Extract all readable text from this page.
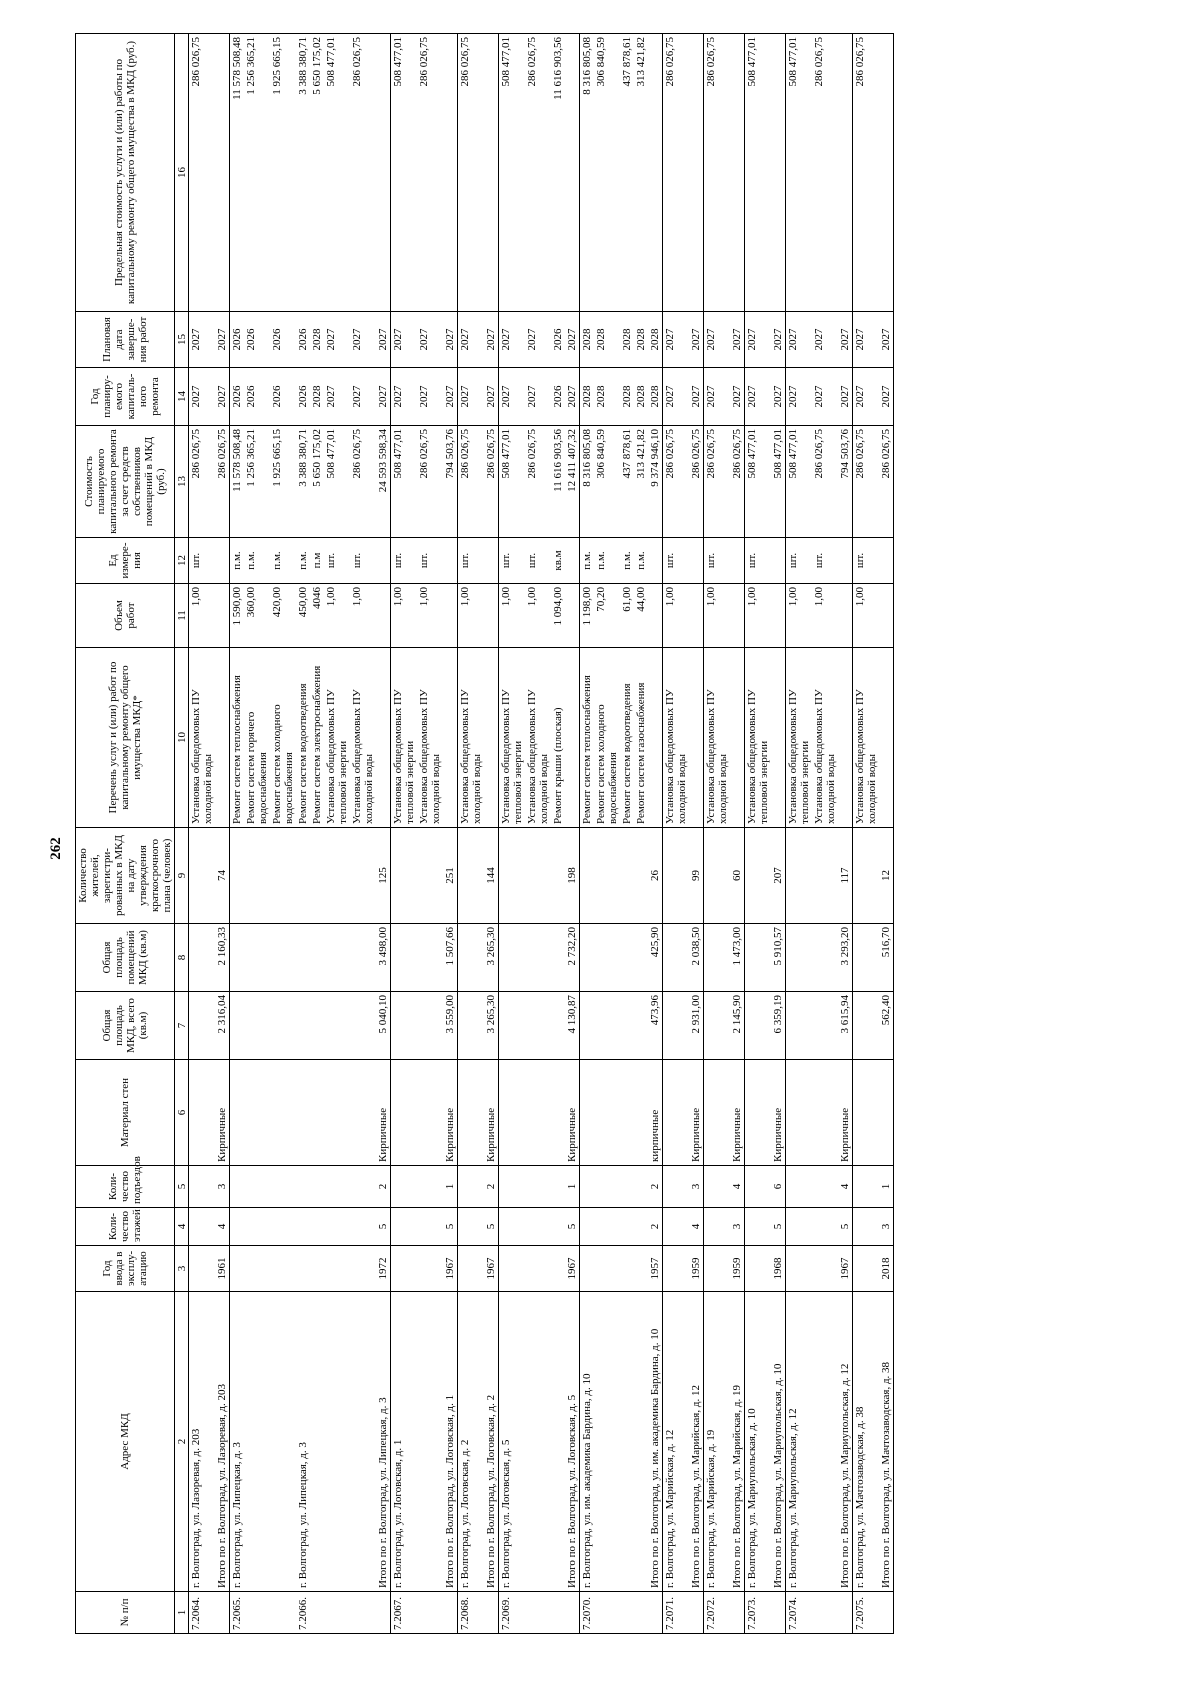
262
№ п/п	Адрес МКД	Год ввода в эксплу-атацию	Коли-чество этажей	Коли-чество подъездов	Материал стен	Общая площадь МКД, всего (кв.м)	Общая площадь помещений МКД (кв.м)	Количество жителей, зарегистри-рованных в МКД на дату утверждения краткосрочного плана (человек)	Перечень услуг и (или) работ по капитальному ремонту общего имущества МКД*	Объем работ	Ед измере-ния	Стоимость планируемого капитального ремонта за счет средств собственников помещений в МКД (руб.)	Год планиру-емого капиталь-ного ремонта	Плановая дата заверше-ния работ	Предельная стоимость услуги и (или) работы по капитальному ремонту общего имущества в МКД (руб.)
1	2	3	4	5	6	7	8	9	10	11	12	13	14	15	16
7.2064.	г. Волгоград, ул. Лазоревая, д. 203								Установка общедомовых ПУ холодной воды	1,00	шт.	286 026,75	2027	2027	286 026,75
	Итого по г. Волгоград, ул. Лазоревая, д. 203	1961	4	3	Кирпичные	2 316,04	2 160,33	74				286 026,75	2027	2027	
7.2065.	г. Волгоград, ул. Липецкая, д. 3								Ремонт систем теплоснабжения	1 590,00	п.м.	11 578 508,48	2026	2026	11 578 508,48
									Ремонт систем горячего водоснабжения	360,00	п.м.	1 256 365,21	2026	2026	1 256 365,21
									Ремонт систем холодного водоснабжения	420,00	п.м.	1 925 665,15	2026	2026	1 925 665,15
7.2066.	г. Волгоград, ул. Липецкая, д. 3								Ремонт систем водоотведения	450,00	п.м.	3 388 380,71	2026	2026	3 388 380,71
									Ремонт систем электроснабжения	4046	п.м	5 650 175,02	2028	2028	5 650 175,02
									Установка общедомовых ПУ тепловой энергии	1,00	шт.	508 477,01	2027	2027	508 477,01
									Установка общедомовых ПУ холодной воды	1,00	шт.	286 026,75	2027	2027	286 026,75
	Итого по г. Волгоград, ул. Липецкая, д. 3	1972	5	2	Кирпичные	5 040,10	3 498,00	125				24 593 598,34	2027	2027	
7.2067.	г. Волгоград, ул. Логовская, д. 1								Установка общедомовых ПУ тепловой энергии	1,00	шт.	508 477,01	2027	2027	508 477,01
									Установка общедомовых ПУ холодной воды	1,00	шт.	286 026,75	2027	2027	286 026,75
	Итого по г. Волгоград, ул. Логовская, д. 1	1967	5	1	Кирпичные	3 559,00	1 507,66	251				794 503,76	2027	2027	
7.2068.	г. Волгоград, ул. Логовская, д. 2								Установка общедомовых ПУ холодной воды	1,00	шт.	286 026,75	2027	2027	286 026,75
	Итого по г. Волгоград, ул. Логовская, д. 2	1967	5	2	Кирпичные	3 265,30	3 265,30	144				286 026,75	2027	2027	
7.2069.	г. Волгоград, ул. Логовская, д. 5								Установка общедомовых ПУ тепловой энергии	1,00	шт.	508 477,01	2027	2027	508 477,01
									Установка общедомовых ПУ холодной воды	1,00	шт.	286 026,75	2027	2027	286 026,75
									Ремонт крыши (плоская)	1 094,00	кв.м	11 616 903,56	2026	2026	11 616 903,56
	Итого по г. Волгоград, ул. Логовская, д. 5	1967	5	1	Кирпичные	4 130,87	2 732,20	198				12 411 407,32	2027	2027	
7.2070.	г. Волгоград, ул. им. академика Бардина, д. 10								Ремонт систем теплоснабжения	1 198,00	п.м.	8 316 805,08	2028	2028	8 316 805,08
									Ремонт систем холодного водоснабжения	70,20	п.м.	306 840,59	2028	2028	306 840,59
									Ремонт систем водоотведения	61,00	п.м.	437 878,61	2028	2028	437 878,61
									Ремонт систем газоснабжения	44,00	п.м.	313 421,82	2028	2028	313 421,82
	Итого по г. Волгоград, ул. им. академика Бардина, д. 10	1957	2	2	кирпичные	473,96	425,90	26				9 374 946,10	2028	2028	
7.2071.	г. Волгоград, ул. Марийская, д. 12								Установка общедомовых ПУ холодной воды	1,00	шт.	286 026,75	2027	2027	286 026,75
	Итого по г. Волгоград, ул. Марийская, д. 12	1959	4	3	Кирпичные	2 931,00	2 038,50	99				286 026,75	2027	2027	
7.2072.	г. Волгоград, ул. Марийская, д. 19								Установка общедомовых ПУ холодной воды	1,00	шт.	286 026,75	2027	2027	286 026,75
	Итого по г. Волгоград, ул. Марийская, д. 19	1959	3	4	Кирпичные	2 145,90	1 473,00	60				286 026,75	2027	2027	
7.2073.	г. Волгоград, ул. Мариупольская, д. 10								Установка общедомовых ПУ тепловой энергии	1,00	шт.	508 477,01	2027	2027	508 477,01
	Итого по г. Волгоград, ул. Мариупольская, д. 10	1968	5	6	Кирпичные	6 359,19	5 910,57	207				508 477,01	2027	2027	
7.2074.	г. Волгоград, ул. Мариупольская, д. 12								Установка общедомовых ПУ тепловой энергии	1,00	шт.	508 477,01	2027	2027	508 477,01
									Установка общедомовых ПУ холодной воды	1,00	шт.	286 026,75	2027	2027	286 026,75
	Итого по г. Волгоград, ул. Мариупольская, д. 12	1967	5	4	Кирпичные	3 615,94	3 293,20	117				794 503,76	2027	2027	
7.2075.	г. Волгоград, ул. Мачтозаводская, д. 38								Установка общедомовых ПУ холодной воды	1,00	шт.	286 026,75	2027	2027	286 026,75
	Итого по г. Волгоград, ул. Мачтозаводская, д. 38	2018	3	1		562,40	516,70	12				286 026,75	2027	2027	
